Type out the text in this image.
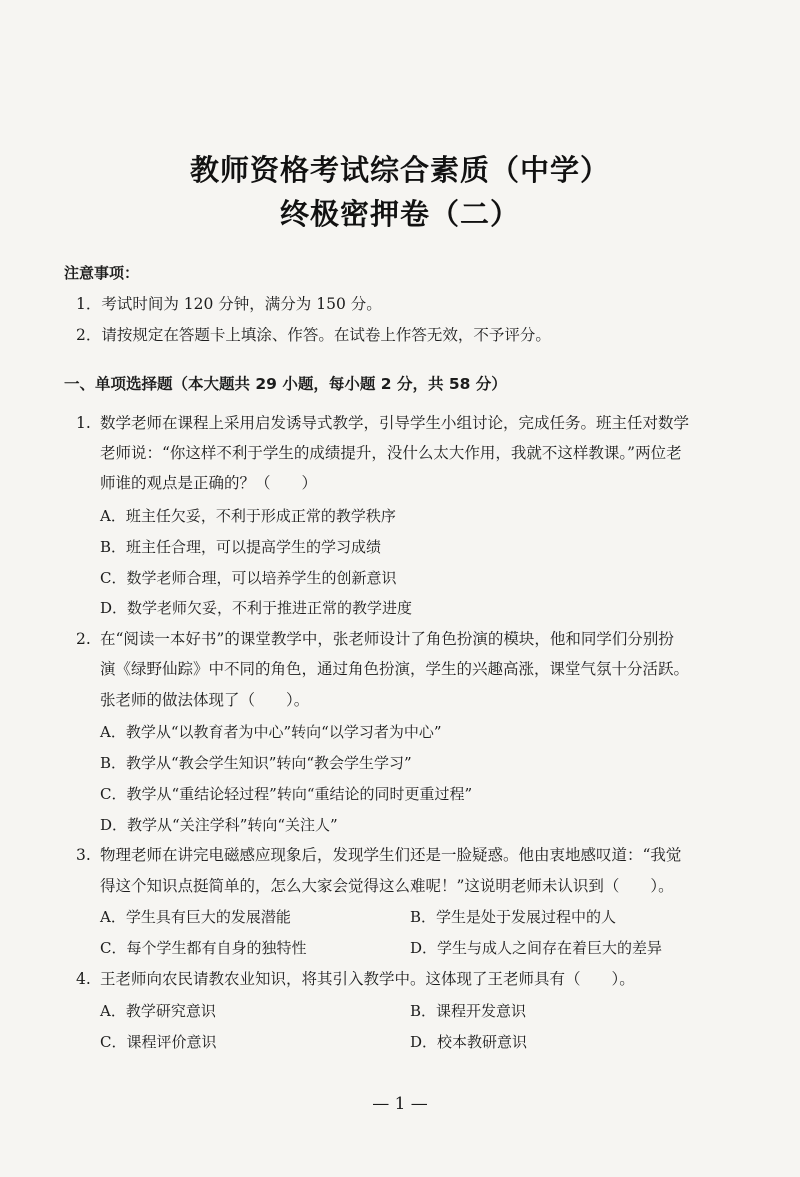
教师资格考试综合素质（中学）
终极密押卷（二）
注意事项：
1．考试时间为 120 分钟，满分为 150 分。
2．请按规定在答题卡上填涂、作答。在试卷上作答无效，不予评分。
一、单项选择题（本大题共 29 小题，每小题 2 分，共 58 分）
1. 数学老师在课程上采用启发诱导式教学，引导学生小组讨论，完成任务。班主任对数学
老师说：“你这样不利于学生的成绩提升，没什么太大作用，我就不这样教课。”两位老
师谁的观点是正确的？（　　）
A．班主任欠妥，不利于形成正常的教学秩序
B．班主任合理，可以提高学生的学习成绩
C．数学老师合理，可以培养学生的创新意识
D．数学老师欠妥，不利于推进正常的教学进度
2. 在“阅读一本好书”的课堂教学中，张老师设计了角色扮演的模块，他和同学们分别扮
演《绿野仙踪》中不同的角色，通过角色扮演，学生的兴趣高涨，课堂气氛十分活跃。
张老师的做法体现了（　　）。
A．教学从“以教育者为中心”转向“以学习者为中心”
B．教学从“教会学生知识”转向“教会学生学习”
C．教学从“重结论轻过程”转向“重结论的同时更重过程”
D．教学从“关注学科”转向“关注人”
3. 物理老师在讲完电磁感应现象后，发现学生们还是一脸疑惑。他由衷地感叹道：“我觉
得这个知识点挺简单的，怎么大家会觉得这么难呢！”这说明老师未认识到（　　）。
A．学生具有巨大的发展潜能	B．学生是处于发展过程中的人
C．每个学生都有自身的独特性	D．学生与成人之间存在着巨大的差异
4. 王老师向农民请教农业知识，将其引入教学中。这体现了王老师具有（　　）。
A．教学研究意识	B．课程开发意识
C．课程评价意识	D．校本教研意识
— 1 —
